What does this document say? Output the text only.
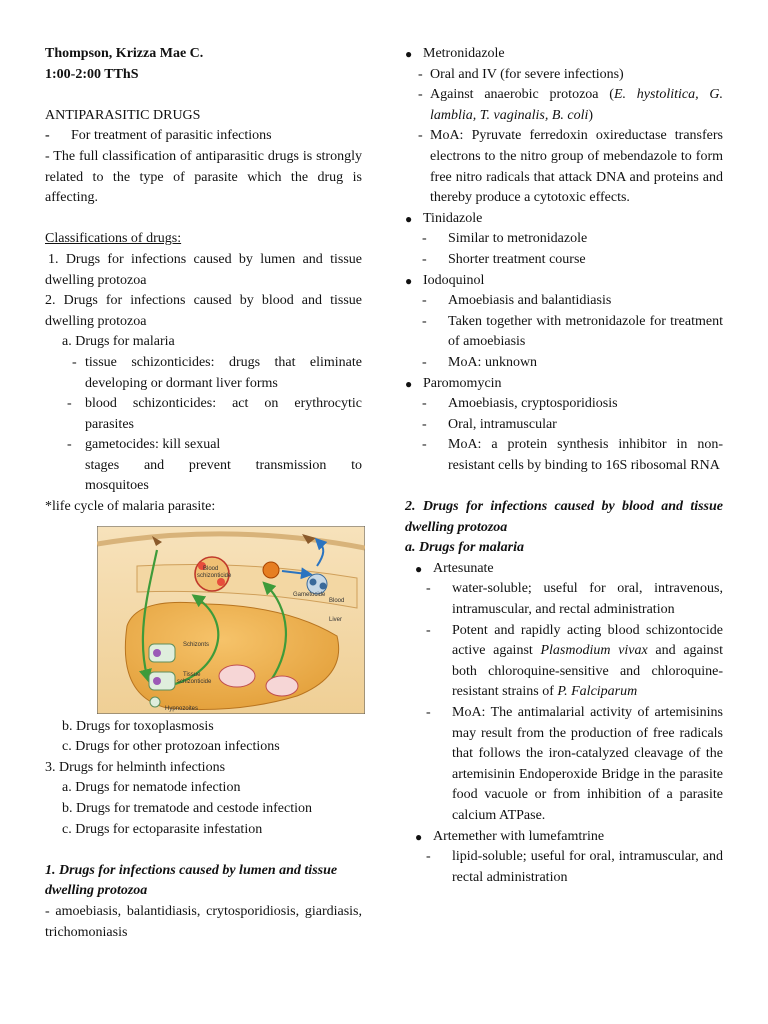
Thompson, Krizza Mae C.

1:00-2:00 TThS

ANTIPARASITIC DRUGS

- For treatment of parasitic infections

- The full classification of antiparasitic drugs is strongly related to the type of parasite which the drug is affecting.

Classifications of drugs:

1. Drugs for infections caused by lumen and tissue dwelling protozoa

2. Drugs for infections caused by blood and tissue dwelling protozoa

a. Drugs for malaria

- tissue schizonticides: drugs that eliminate developing or dormant liver forms
- blood schizonticides: act on erythrocytic parasites
- gametocides: kill sexual

stages and prevent transmission to

mosquitoes

*life cycle of malaria parasite:

Blood
schizonticide
Gametocide
Blood
Liver
Schizonts
Tissue
schizonticide
Hypnozoites

b. Drugs for toxoplasmosis

c. Drugs for other protozoan infections

3. Drugs for helminth infections

a. Drugs for nematode infection

b. Drugs for trematode and cestode infection

c. Drugs for ectoparasite infestation

1. Drugs for infections caused by lumen and tissue dwelling protozoa

- amoebiasis, balantidiasis, crytosporidiosis, giardiasis, trichomoniasis

● Metronidazole

- Oral and IV (for severe infections)
- Against anaerobic protozoa (E. hystolitica, G. lamblia, T. vaginalis, B. coli)
- MoA: Pyruvate ferredoxin oxireductase transfers electrons to the nitro group of mebendazole to form free nitro radicals that attack DNA and proteins and thereby produce a cytotoxic effects.
● Tinidazole

- Similar to metronidazole
- Shorter treatment course
● Iodoquinol

- Amoebiasis and balantidiasis
- Taken together with metronidazole for treatment of amoebiasis
- MoA: unknown
● Paromomycin

- Amoebiasis, cryptosporidiosis
- Oral, intramuscular
- MoA: a protein synthesis inhibitor in non-resistant cells by binding to 16S ribosomal RNA

2. Drugs for infections caused by blood and tissue dwelling protozoa

a. Drugs for malaria

● Artesunate

- water-soluble; useful for oral, intravenous, intramuscular, and rectal administration
- Potent and rapidly acting blood schizontocide active against Plasmodium vivax and against both chloroquine-sensitive and chloroquine-resistant strains of P. Falciparum
- MoA: The antimalarial activity of artemisinins may result from the production of free radicals that follows the iron-catalyzed cleavage of the artemisinin Endoperoxide Bridge in the parasite food vacuole or from inhibition of a parasite calcium ATPase.
● Artemether with lumefamtrine

- lipid-soluble; useful for oral, intramuscular, and rectal administration
